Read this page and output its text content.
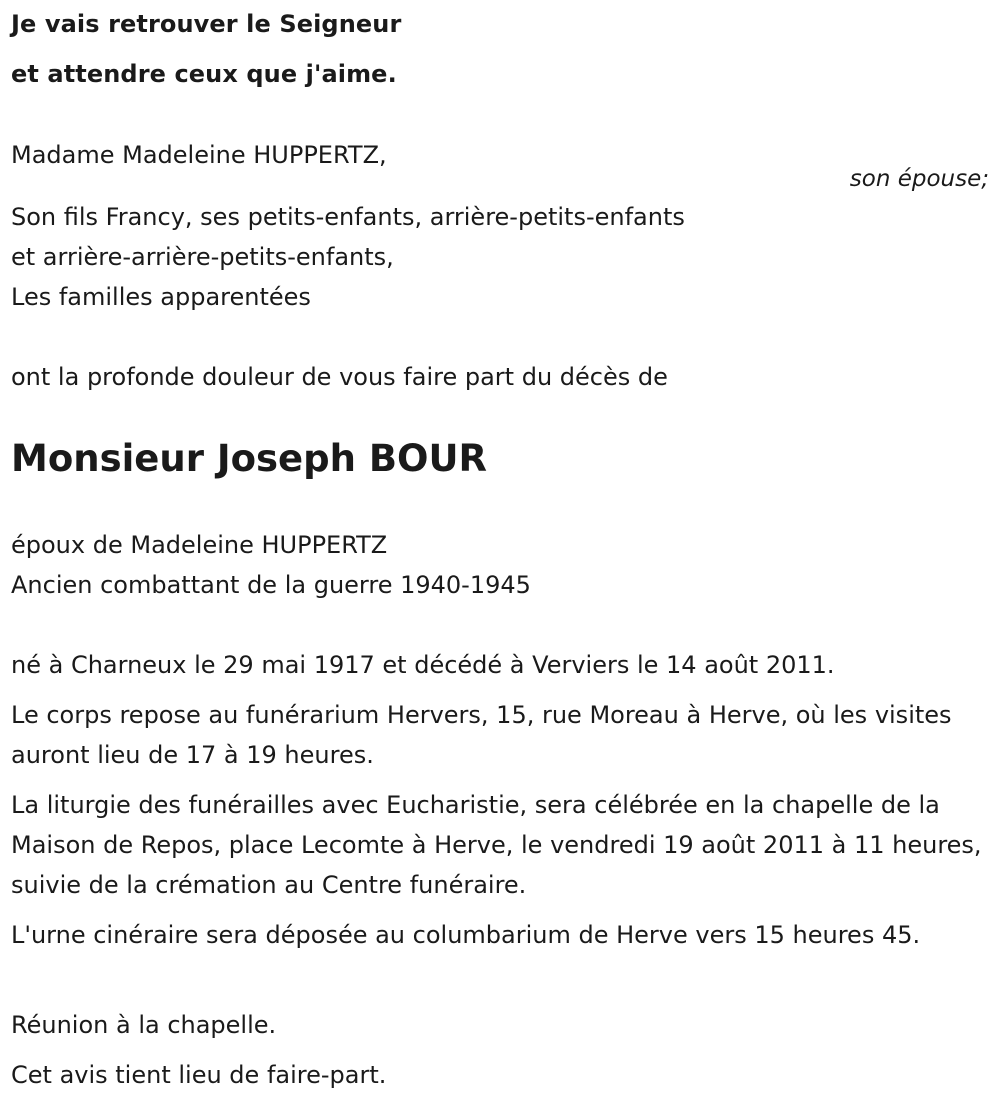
Je vais retrouver le Seigneur
et attendre ceux que j'aime.
Madame Madeleine HUPPERTZ,
son épouse;
Son fils Francy, ses petits-enfants, arrière-petits-enfants
et arrière-arrière-petits-enfants,
Les familles apparentées
ont la profonde douleur de vous faire part du décès de
Monsieur Joseph BOUR
époux de Madeleine HUPPERTZ
Ancien combattant de la guerre 1940-1945
né à Charneux le 29 mai 1917 et décédé à Verviers le 14 août 2011.
Le corps repose au funérarium Hervers, 15, rue Moreau à Herve, où les visites auront lieu de 17 à 19 heures.
La liturgie des funérailles avec Eucharistie, sera célébrée en la chapelle de la Maison de Repos, place Lecomte à Herve, le vendredi 19 août 2011 à 11 heures, suivie de la crémation au Centre funéraire.
L'urne cinéraire sera déposée au columbarium de Herve vers 15 heures 45.
Réunion à la chapelle.
Cet avis tient lieu de faire-part.
